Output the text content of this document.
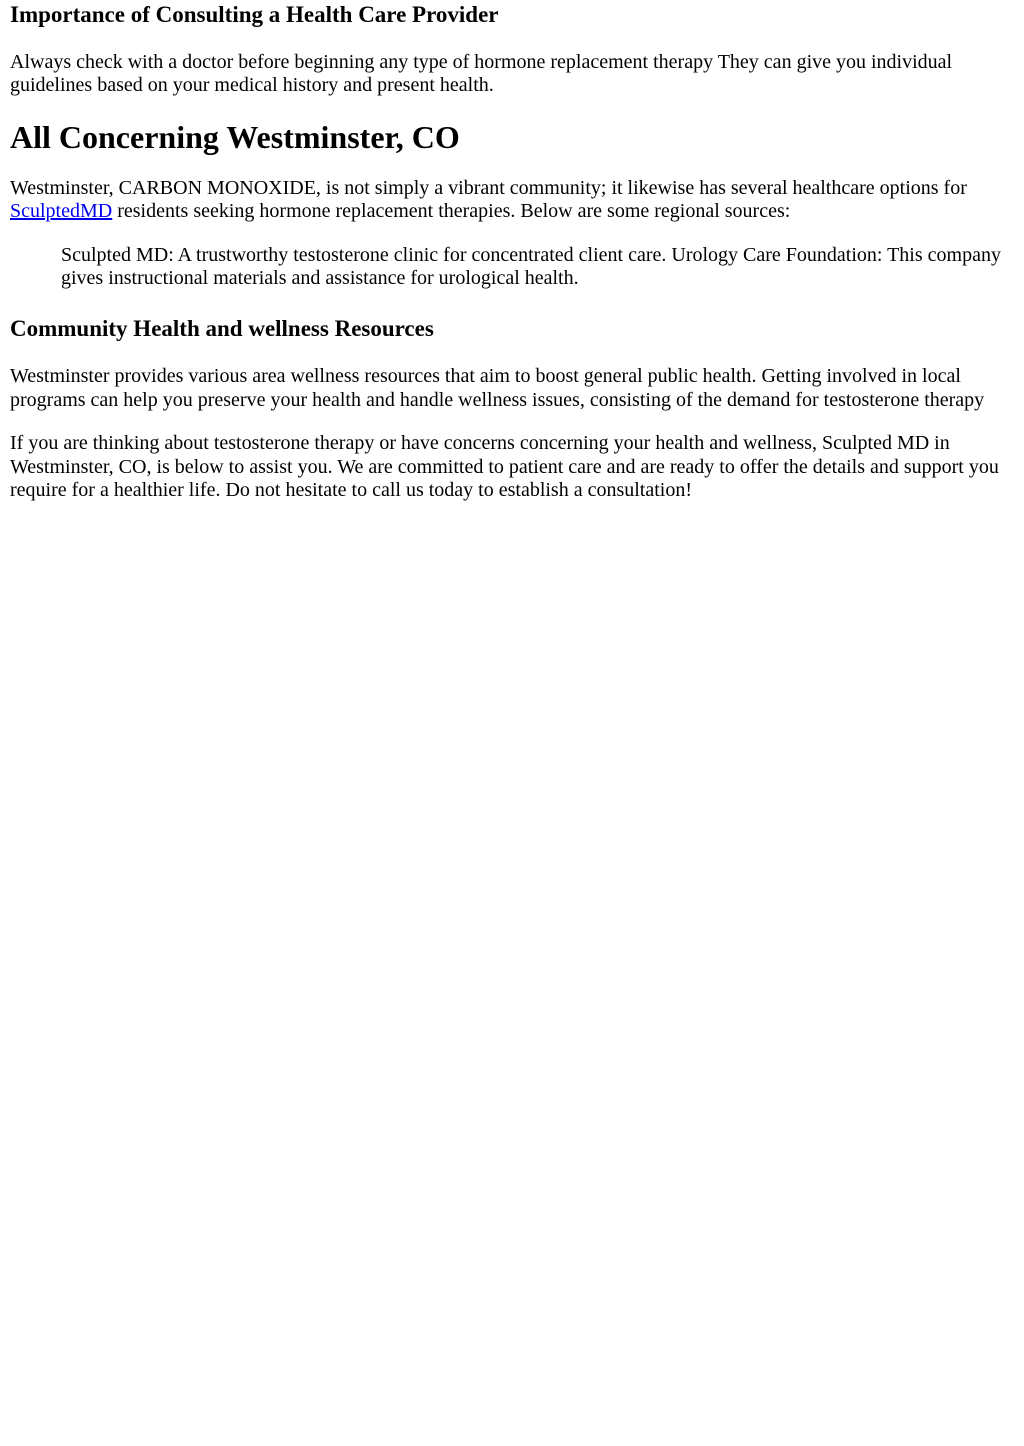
Importance of Consulting a Health Care Provider

Always check with a doctor before beginning any type of hormone replacement therapy They can give you individual guidelines based on your medical history and present health.

All Concerning Westminster, CO

Westminster, CARBON MONOXIDE, is not simply a vibrant community; it likewise has several healthcare options for SculptedMD residents seeking hormone replacement therapies. Below are some regional sources:

Sculpted MD: A trustworthy testosterone clinic for concentrated client care. Urology Care Foundation: This company gives instructional materials and assistance for urological health.
Community Health and wellness Resources

Westminster provides various area wellness resources that aim to boost general public health. Getting involved in local programs can help you preserve your health and handle wellness issues, consisting of the demand for testosterone therapy

If you are thinking about testosterone therapy or have concerns concerning your health and wellness, Sculpted MD in Westminster, CO, is below to assist you. We are committed to patient care and are ready to offer the details and support you require for a healthier life. Do not hesitate to call us today to establish a consultation!
